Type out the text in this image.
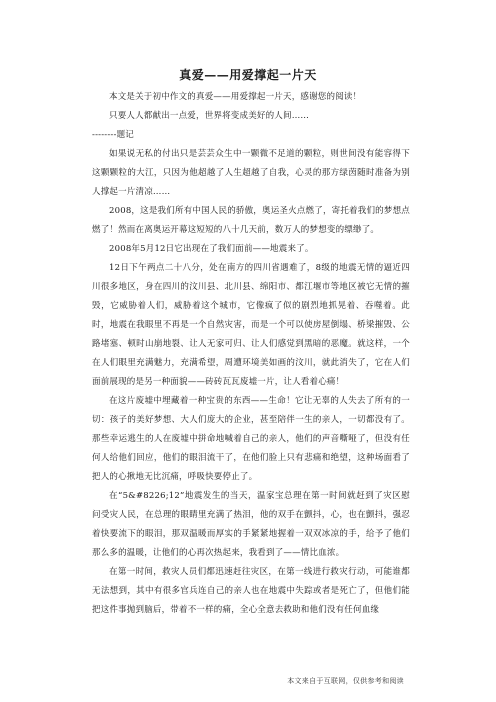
真爱——用爱撑起一片天

本文是关于初中作文的真爱——用爱撑起一片天，感谢您的阅读！

只要人人都献出一点爱，世界将变成美好的人间……

--------题记

如果说无私的付出只是芸芸众生中一颗微不足道的颗粒，则世间没有能容得下这颗颗粒的大江，只因为他超越了人生超越了自我，心灵的那方绿茵随时准备为别人撑起一片清凉……

2008，这是我们所有中国人民的骄傲，奥运圣火点燃了，寄托着我们的梦想点燃了！然而在离奥运开幕这短短的八十几天前，数万人的梦想变的缥缈了。

2008年5月12日它出现在了我们面前——地震来了。

12日下午两点二十八分，处在南方的四川省遇难了，8级的地震无情的逼近四川很多地区，身在四川的汶川县、北川县、绵阳市、都江堰市等地区被它无情的摧毁，它威胁着人们，威胁着这个城市，它像疯了似的剧烈地抓晃着、吞噬着。此时，地震在我眼里不再是一个自然灾害，而是一个可以使房屋倒塌、桥梁摧毁、公路堵塞、顿时山崩地裂、让人无家可归、让人们感觉到黑暗的恶魔。就这样，一个在人们眼里充满魅力，充满希望，周遭环境美如画的汶川，就此消失了，它在人们面前展现的是另一种面貌——砖砖瓦瓦废墟一片，让人看着心痛！

在这片废墟中埋藏着一种宝贵的东西——生命！它让无辜的人失去了所有的一切：孩子的美好梦想、大人们庞大的企业，甚至陪伴一生的亲人，一切都没有了。那些幸运逃生的人在废墟中拼命地喊着自己的亲人，他们的声音嘶哑了，但没有任何人给他们回应，他们的眼泪流干了，在他们脸上只有悲痛和绝望，这种场面看了把人的心揪地无比沉痛，呼吸快要停止了。

在“5&#8226;12”地震发生的当天，温家宝总理在第一时间就赶到了灾区慰问受灾人民，在总理的眼睛里充满了热泪，他的双手在颤抖，心，也在颤抖，强忍着快要流下的眼泪，那双温暖而厚实的手紧紧地握着一双双冰凉的手，给予了他们那么多的温暖，让他们的心再次热起来，我看到了——情比血浓。

在第一时间，救灾人员们都迅速赶往灾区，在第一线进行救灾行动，可能谁都无法想到，其中有很多官兵连自己的亲人也在地震中失踪或者是死亡了，但他们能把这件事抛到脑后，带着不一样的痛，全心全意去救助和他们没有任何血缘

本文来自于互联网，仅供参考和阅读
